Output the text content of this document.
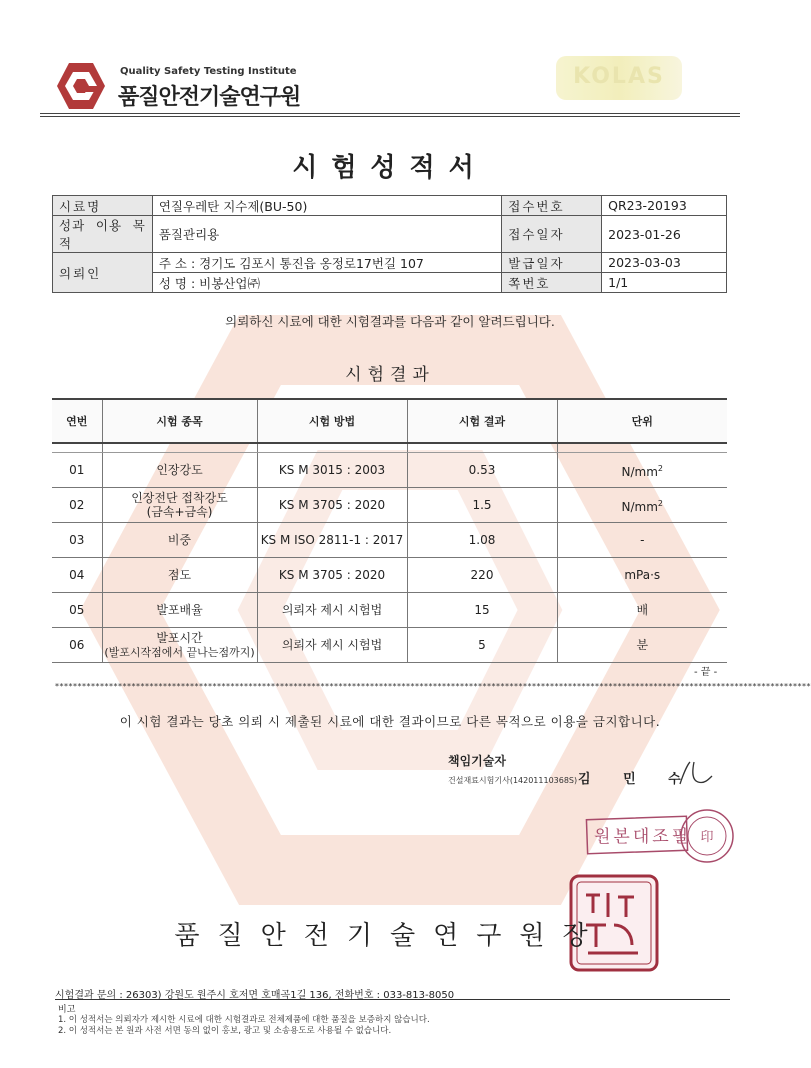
Quality Safety Testing Institute
품질안전기술연구원
KOLAS
시험성적서
시료명	연질우레탄 지수제(BU-50)	접수번호	QR23-20193
성과 이용 목적	품질관리용	접수일자	2023-01-26
의뢰인	주 소 : 경기도 김포시 통진읍 옹정로17번길 107	발급일자	2023-03-03
	성 명 : 비봉산업㈜	쪽번호	1/1
의뢰하신 시료에 대한 시험결과를 다음과 같이 알려드립니다.
시험결과
연번	시험 종목	시험 방법	시험 결과	단위

01	인장강도	KS M 3015 : 2003	0.53	$N/mm^2$
02	인장전단 접착강도
(금속+금속)	KS M 3705 : 2020	1.5	$N/mm^2$
03	비중	KS M ISO 2811-1 : 2017	1.08	-
04	점도	KS M 3705 : 2020	220	mPa·s
05	발포배율	의뢰자 제시 시험법	15	배
06	발포시간
(발포시작점에서 끝나는점까지)	의뢰자 제시 시험법	5	분
- 끝 -
************************************************************************************************************************************************************************
이 시험 결과는 당초 의뢰 시 제출된 시료에 대한 결과이므로 다른 목적으로 이용을 금지합니다.
책임기술자
건설재료시험기사(14201110368S) 김 민 수
印
원본대조필
품질안전기술연구원장
시험결과 문의 : 26303) 강원도 원주시 호저면 호매곡1길 136, 전화번호 : 033-813-8050
비고
1. 이 성적서는 의뢰자가 제시한 시료에 대한 시험결과로 전체제품에 대한 품질을 보증하지 않습니다.
2. 이 성적서는 본 원과 사전 서면 동의 없이 홍보, 광고 및 소송용도로 사용될 수 없습니다.
